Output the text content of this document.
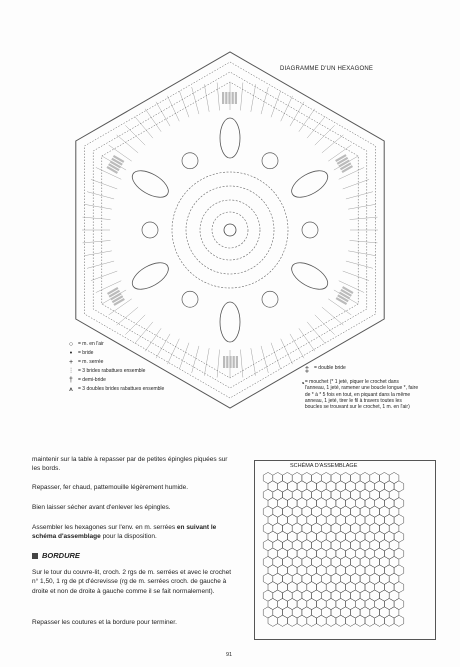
DIAGRAMME D'UN HEXAGONE
○ = m. en l'air
•	= bride
+ = m. serrée
⫶	= 3 brides rabattues ensemble
†	= demi-bride
⩚	= 3 doubles brides rabattues ensemble
‡ = double bride
◔ = mouchet (* 1 jeté, piquer le crochet dans l'anneau, 1 jeté, ramener une boucle longue *, faire de * à * 5 fois en tout, en piquant dans la même anneau, 1 jeté, tirer le fil à travers toutes les boucles se trouvant sur le crochet, 1 m. en l'air)
maintenir sur la table à repasser par de petites épingles piquées sur les bords.
Repasser, fer chaud, pattemouille légèrement humide.
Bien laisser sécher avant d'enlever les épingles.
Assembler les hexagones sur l'env. en m. serrées en suivant le schéma d'assemblage pour la disposition.
BORDURE
Sur le tour du couvre-lit, croch. 2 rgs de m. serrées et avec le crochet n° 1,50, 1 rg de pt d'écrevisse (rg de m. serrées croch. de gauche à droite et non de droite à gauche comme il se fait normalement).
Repasser les coutures et la bordure pour terminer.
SCHÉMA D'ASSEMBLAGE
91
